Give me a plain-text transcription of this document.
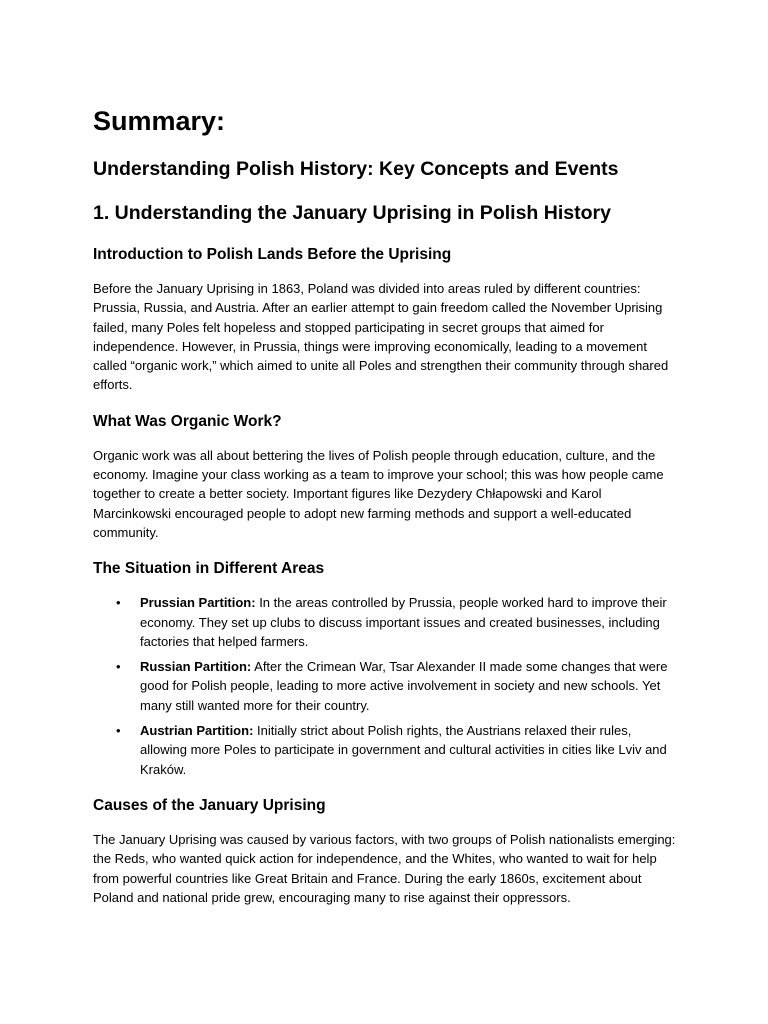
Summary:
Understanding Polish History: Key Concepts and Events
1. Understanding the January Uprising in Polish History
Introduction to Polish Lands Before the Uprising

Before the January Uprising in 1863, Poland was divided into areas ruled by different countries: Prussia, Russia, and Austria. After an earlier attempt to gain freedom called the November Uprising failed, many Poles felt hopeless and stopped participating in secret groups that aimed for independence. However, in Prussia, things were improving economically, leading to a movement called “organic work,” which aimed to unite all Poles and strengthen their community through shared efforts.

What Was Organic Work?

Organic work was all about bettering the lives of Polish people through education, culture, and the economy. Imagine your class working as a team to improve your school; this was how people came together to create a better society. Important figures like Dezydery Chłapowski and Karol Marcinkowski encouraged people to adopt new farming methods and support a well-educated community.

The Situation in Different Areas
• Prussian Partition: In the areas controlled by Prussia, people worked hard to improve their economy. They set up clubs to discuss important issues and created businesses, including factories that helped farmers.
• Russian Partition: After the Crimean War, Tsar Alexander II made some changes that were good for Polish people, leading to more active involvement in society and new schools. Yet many still wanted more for their country.
• Austrian Partition: Initially strict about Polish rights, the Austrians relaxed their rules, allowing more Poles to participate in government and cultural activities in cities like Lviv and Kraków.
Causes of the January Uprising

The January Uprising was caused by various factors, with two groups of Polish nationalists emerging: the Reds, who wanted quick action for independence, and the Whites, who wanted to wait for help from powerful countries like Great Britain and France. During the early 1860s, excitement about Poland and national pride grew, encouraging many to rise against their oppressors.
